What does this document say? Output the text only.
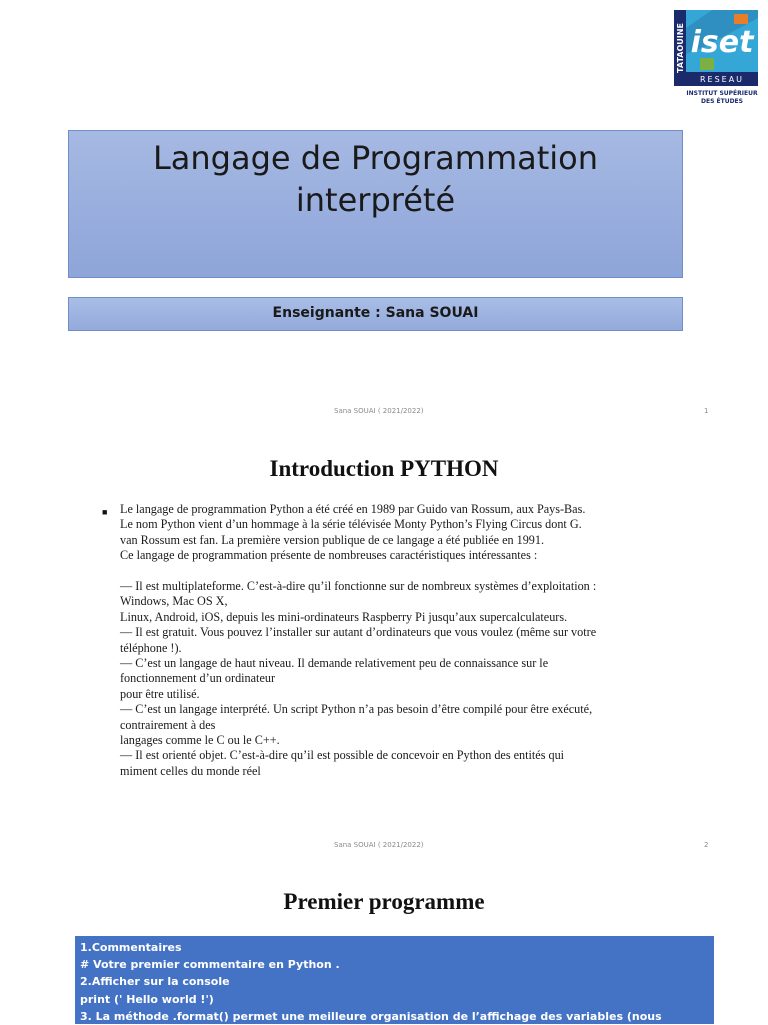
TATAOUINE iset
RESEAU
INSTITUT SUPÉRIEUR
DES ÉTUDES
Langage de Programmation
interprété
Enseignante : Sana SOUAI
Sana SOUAI ( 2021/2022)	1
Introduction PYTHON
■ Le langage de programmation Python a été créé en 1989 par Guido van Rossum, aux Pays-Bas.
Le nom Python vient d’un hommage à la série télévisée Monty Python’s Flying Circus dont G.
van Rossum est fan. La première version publique de ce langage a été publiée en 1991.
Ce langage de programmation présente de nombreuses caractéristiques intéressantes :
— Il est multiplateforme. C’est-à-dire qu’il fonctionne sur de nombreux systèmes d’exploitation :
Windows, Mac OS X,
Linux, Android, iOS, depuis les mini-ordinateurs Raspberry Pi jusqu’aux supercalculateurs.
— Il est gratuit. Vous pouvez l’installer sur autant d’ordinateurs que vous voulez (même sur votre
téléphone !).
— C’est un langage de haut niveau. Il demande relativement peu de connaissance sur le
fonctionnement d’un ordinateur
pour être utilisé.
— C’est un langage interprété. Un script Python n’a pas besoin d’être compilé pour être exécuté,
contrairement à des
langages comme le C ou le C++.
— Il est orienté objet. C’est-à-dire qu’il est possible de concevoir en Python des entités qui
miment celles du monde réel
Sana SOUAI ( 2021/2022)	2
Premier programme
1.Commentaires
# Votre premier commentaire en Python .
2.Afficher sur la console
print (' Hello world !')
3. La méthode .format() permet une meilleure organisation de l’affichage des variables (nous
